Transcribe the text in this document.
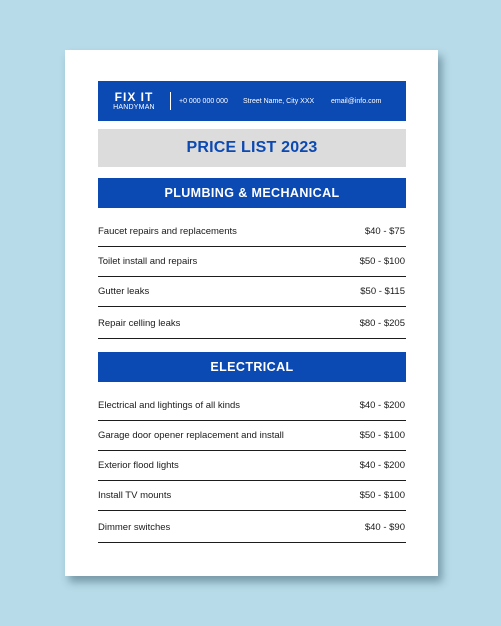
FIX IT
HANDYMAN
+0 000 000 000	Street Name, City XXX	email@info.com
PRICE LIST 2023
PLUMBING & MECHANICAL
Faucet repairs and replacements	$40 - $75
Toilet install and repairs	$50 - $100
Gutter leaks	$50 - $115
Repair celling leaks	$80 - $205
ELECTRICAL
Electrical and lightings of all kinds	$40 - $200
Garage door opener replacement and install	$50 - $100
Exterior flood lights	$40 - $200
Install TV mounts	$50 - $100
Dimmer switches	$40 - $90
